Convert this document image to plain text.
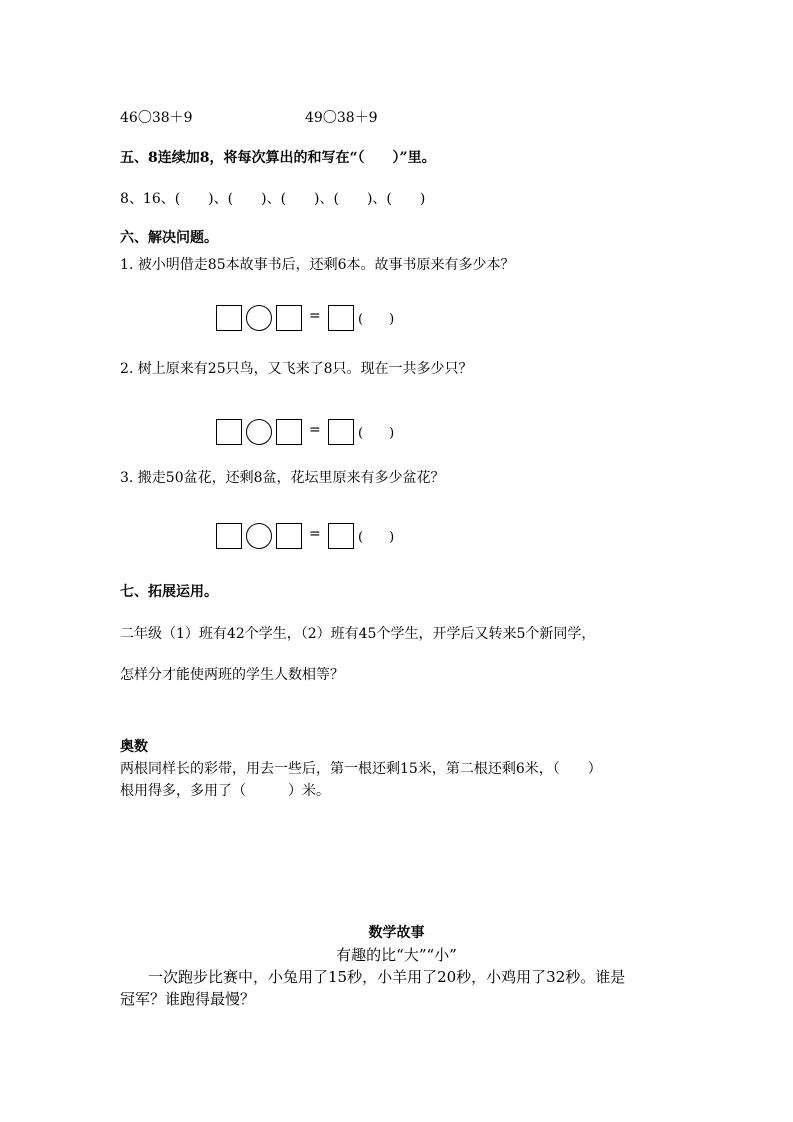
46〇38＋9	49〇38＋9
五、8连续加8，将每次算出的和写在“（　　）”里。
8、16、(　　)、(　　)、(　　)、(　　)、(　　)
六、解决问题。
1. 被小明借走85本故事书后，还剩6本。故事书原来有多少本？
=	(　　)
2. 树上原来有25只鸟，又飞来了8只。现在一共多少只？
=	(　　)
3. 搬走50盆花，还剩8盆，花坛里原来有多少盆花？
=	(　　)
七、拓展运用。
二年级（1）班有42个学生，（2）班有45个学生，开学后又转来5个新同学，
怎样分才能使两班的学生人数相等？
奥数
两根同样长的彩带，用去一些后，第一根还剩15米，第二根还剩6米，（　　）
根用得多，多用了（　　　）米。
数学故事
有趣的比“大”“小”
一次跑步比赛中，小兔用了15秒，小羊用了20秒，小鸡用了32秒。谁是
冠军？谁跑得最慢？
